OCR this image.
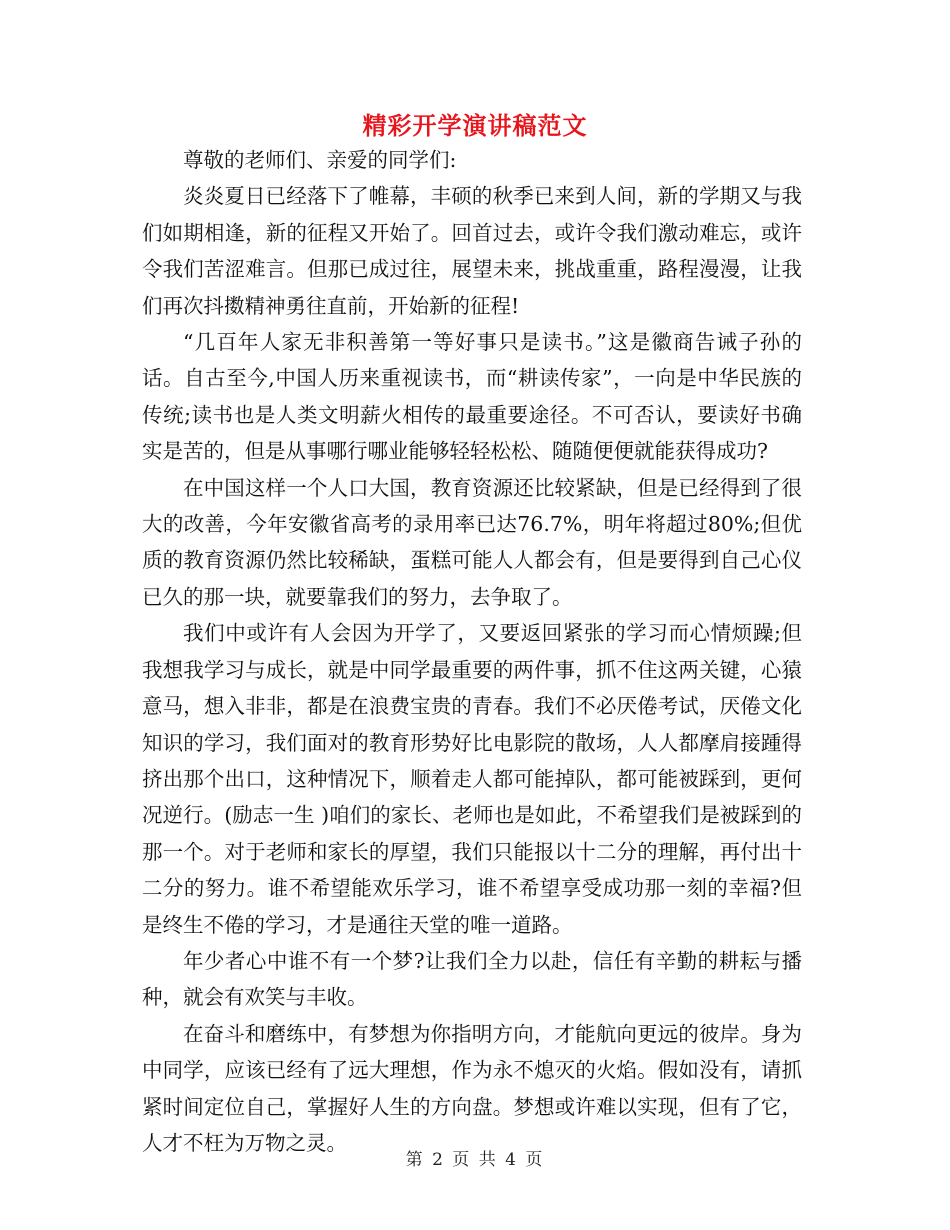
精彩开学演讲稿范文

尊敬的老师们、亲爱的同学们:

炎炎夏日已经落下了帷幕，丰硕的秋季已来到人间，新的学期又与我们如期相逢，新的征程又开始了。回首过去，或许令我们激动难忘，或许令我们苦涩难言。但那已成过往，展望未来，挑战重重，路程漫漫，让我们再次抖擞精神勇往直前，开始新的征程!

“几百年人家无非积善第一等好事只是读书。”这是徽商告诫子孙的话。自古至今,中国人历来重视读书，而“耕读传家”，一向是中华民族的传统;读书也是人类文明薪火相传的最重要途径。不可否认，要读好书确实是苦的，但是从事哪行哪业能够轻轻松松、随随便便就能获得成功?

在中国这样一个人口大国，教育资源还比较紧缺，但是已经得到了很大的改善，今年安徽省高考的录用率已达76.7%，明年将超过80%;但优质的教育资源仍然比较稀缺，蛋糕可能人人都会有，但是要得到自己心仪已久的那一块，就要靠我们的努力，去争取了。

我们中或许有人会因为开学了，又要返回紧张的学习而心情烦躁;但我想我学习与成长，就是中同学最重要的两件事，抓不住这两关键，心猿意马，想入非非，都是在浪费宝贵的青春。我们不必厌倦考试，厌倦文化知识的学习，我们面对的教育形势好比电影院的散场，人人都摩肩接踵得挤出那个出口，这种情况下，顺着走人都可能掉队，都可能被踩到，更何况逆行。(励志一生 )咱们的家长、老师也是如此，不希望我们是被踩到的那一个。对于老师和家长的厚望，我们只能报以十二分的理解，再付出十二分的努力。谁不希望能欢乐学习，谁不希望享受成功那一刻的幸福?但是终生不倦的学习，才是通往天堂的唯一道路。

年少者心中谁不有一个梦?让我们全力以赴，信任有辛勤的耕耘与播种，就会有欢笑与丰收。

在奋斗和磨练中，有梦想为你指明方向，才能航向更远的彼岸。身为中同学，应该已经有了远大理想，作为永不熄灭的火焰。假如没有，请抓紧时间定位自己，掌握好人生的方向盘。梦想或许难以实现，但有了它，人才不枉为万物之灵。

第 2 页 共 4 页
